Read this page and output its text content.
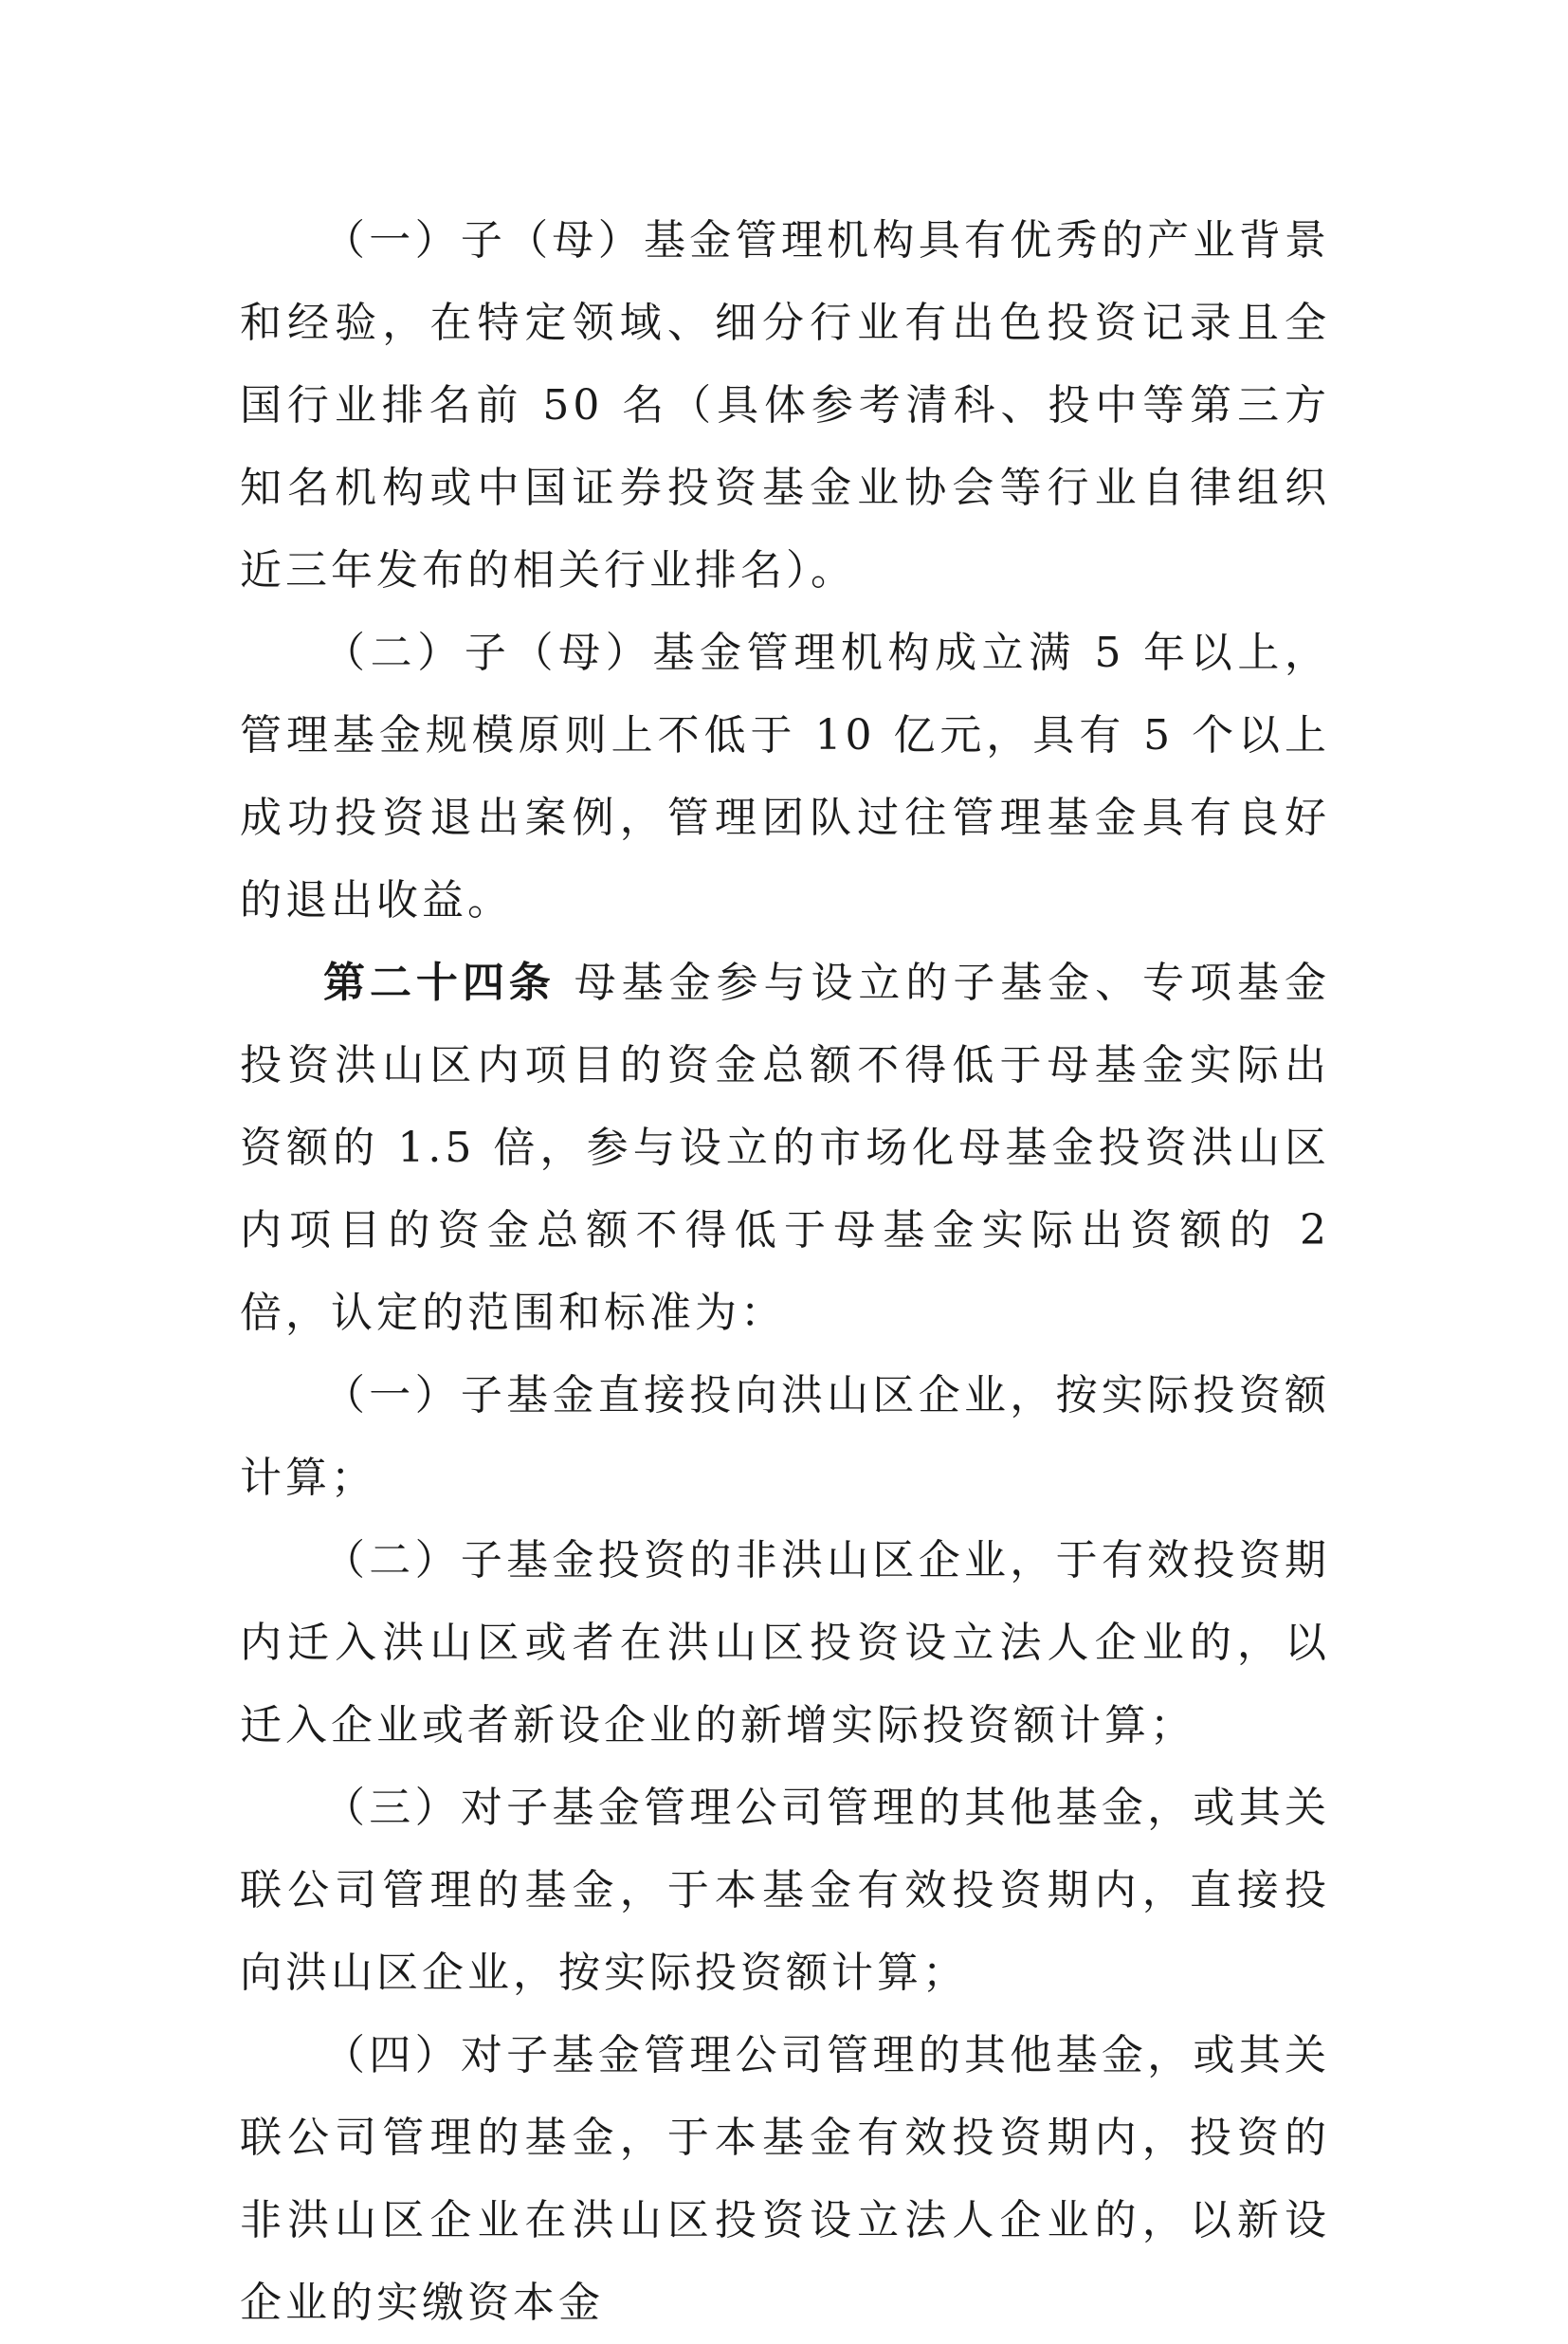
（一）子（母）基金管理机构具有优秀的产业背景和经验，在特定领域、细分行业有出色投资记录且全国行业排名前 50 名（具体参考清科、投中等第三方知名机构或中国证券投资基金业协会等行业自律组织近三年发布的相关行业排名）。

（二）子（母）基金管理机构成立满 5 年以上，管理基金规模原则上不低于 10 亿元，具有 5 个以上成功投资退出案例，管理团队过往管理基金具有良好的退出收益。

第二十四条 母基金参与设立的子基金、专项基金投资洪山区内项目的资金总额不得低于母基金实际出资额的 1.5 倍，参与设立的市场化母基金投资洪山区内项目的资金总额不得低于母基金实际出资额的 2 倍，认定的范围和标准为：

（一）子基金直接投向洪山区企业，按实际投资额计算；

（二）子基金投资的非洪山区企业，于有效投资期内迁入洪山区或者在洪山区投资设立法人企业的，以迁入企业或者新设企业的新增实际投资额计算；

（三）对子基金管理公司管理的其他基金，或其关联公司管理的基金，于本基金有效投资期内，直接投向洪山区企业，按实际投资额计算；

（四）对子基金管理公司管理的其他基金，或其关联公司管理的基金，于本基金有效投资期内，投资的非洪山区企业在洪山区投资设立法人企业的，以新设企业的实缴资本金
